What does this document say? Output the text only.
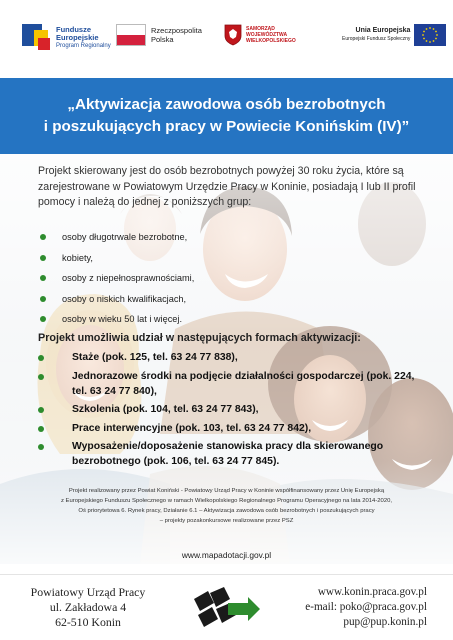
Fundusze Europejskie
Program Regionalny
Rzeczpospolita
Polska
SAMORZĄD WOJEWÓDZTWA
WIELKOPOLSKIEGO
Unia Europejska
Europejski Fundusz Społeczny
„Aktywizacja zawodowa osób bezrobotnych
i poszukujących pracy w Powiecie Konińskim (IV)”

Projekt skierowany jest do osób bezrobotnych powyżej 30 roku życia, które są zarejestrowane w Powiatowym Urzędzie Pracy w Koninie, posiadają I lub II profil pomocy i należą do jednej z poniższych grup:

osoby długotrwale bezrobotne,
kobiety,
osoby z niepełnosprawnościami,
osoby o niskich kwalifikacjach,
osoby w wieku 50 lat i więcej.
Projekt umożliwia udział w następujących formach aktywizacji:
Staże (pok. 125, tel. 63 24 77 838),
Jednorazowe środki na podjęcie działalności gospodarczej (pok. 224, tel. 63 24 77 840),
Szkolenia (pok. 104, tel. 63 24 77 843),
Prace interwencyjne (pok. 103, tel. 63 24 77 842),
Wyposażenie/doposażenie stanowiska pracy dla skierowanego bezrobotnego (pok. 106, tel. 63 24 77 845).
Projekt realizowany przez Powiat Koniński - Powiatowy Urząd Pracy w Koninie współfinansowany przez Unię Europejską
z Europejskiego Funduszu Społecznego w ramach Wielkopolskiego Regionalnego Programu Operacyjnego na lata 2014-2020,
Oś priorytetowa 6. Rynek pracy, Działanie 6.1 – Aktywizacja zawodowa osób bezrobotnych i poszukujących pracy
– projekty pozakonkursowe realizowane przez PSZ
www.mapadotacji.gov.pl
Powiatowy Urząd Pracy
ul. Zakładowa 4
62-510 Konin
www.konin.praca.gov.pl
e-mail: poko@praca.gov.pl
pup@pup.konin.pl
